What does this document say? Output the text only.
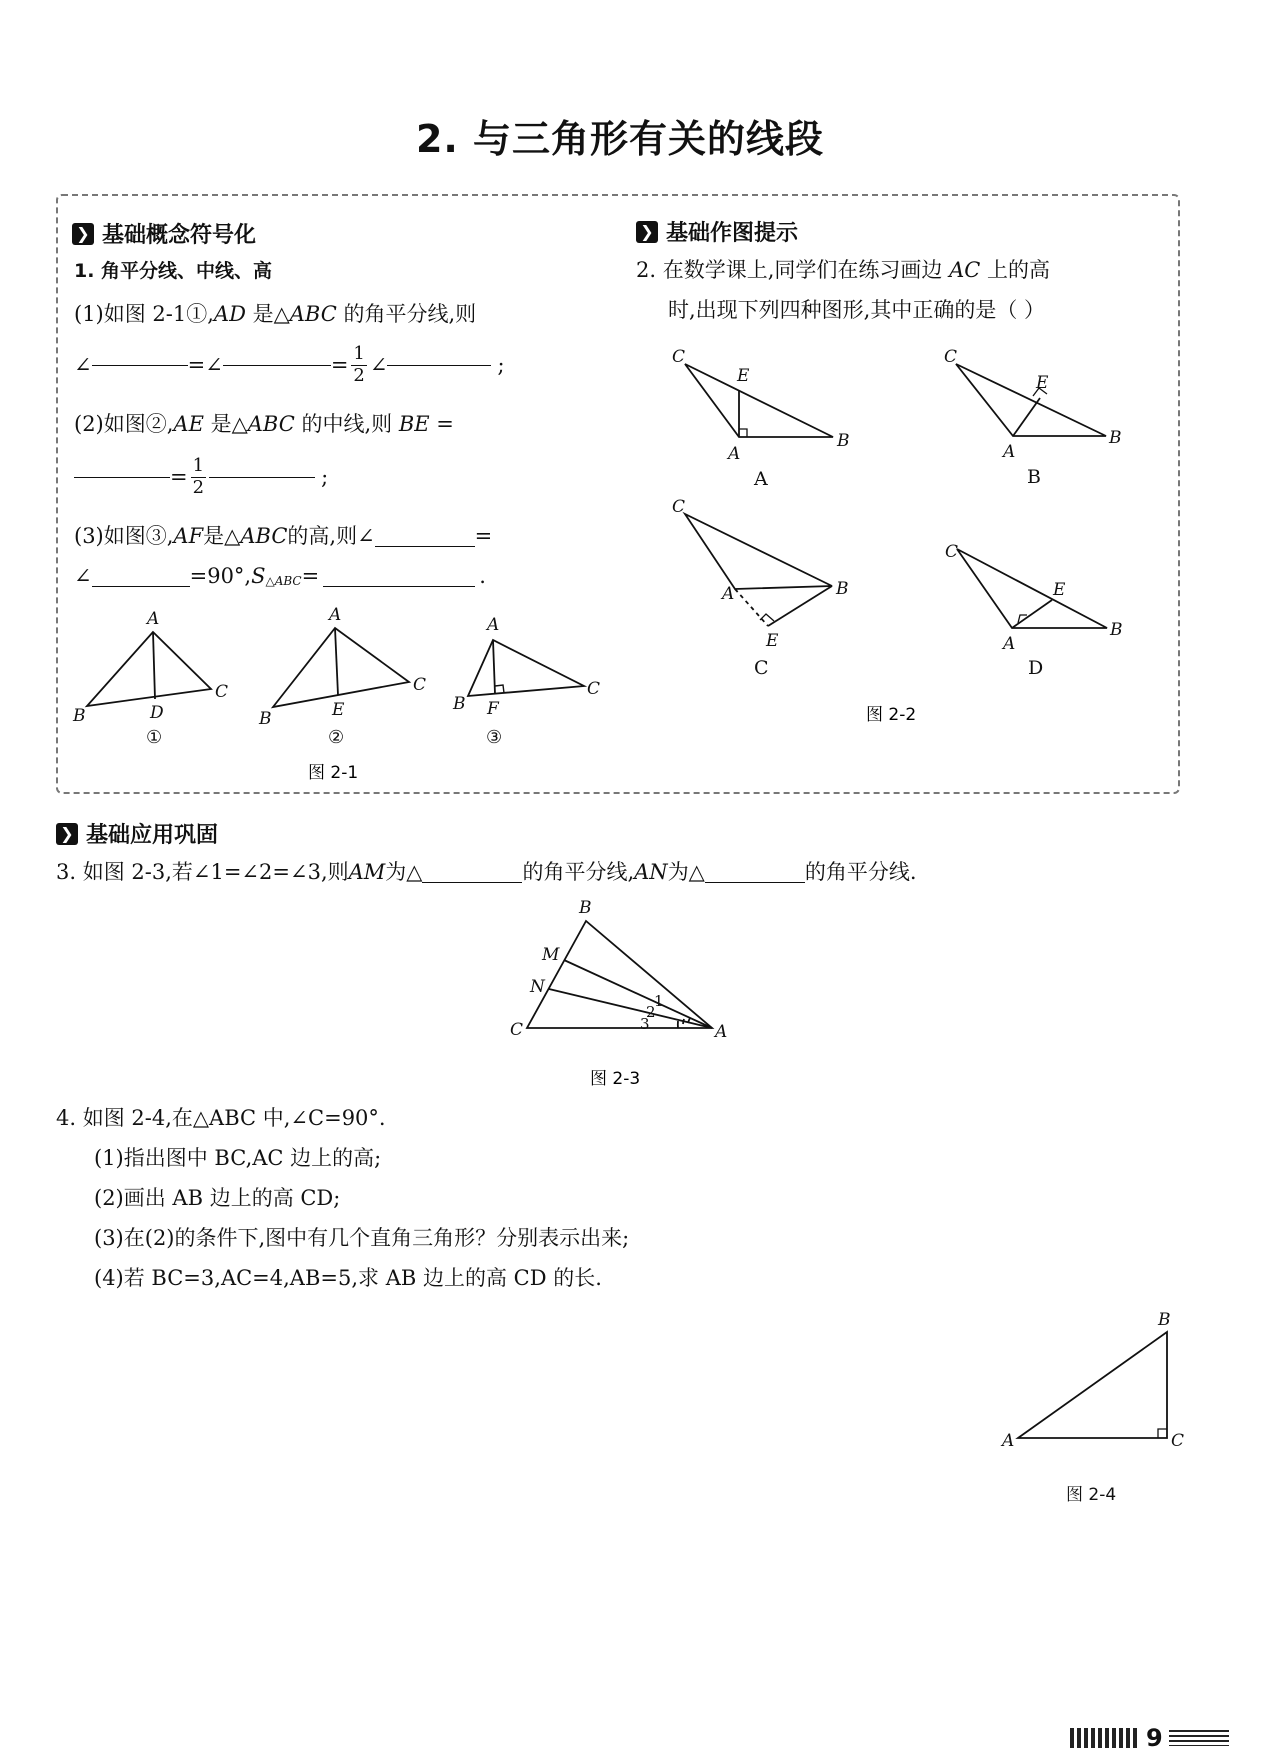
2. 与三角形有关的线段
❯ 基础概念符号化	❯ 基础作图提示
❯ 基础应用巩固
1. 角平分线、中线、高
(1)如图 2-1①,AD 是△ABC 的角平分线,则
∠	=∠	= $\frac{1}{2}$ ∠	;
(2)如图②,AE 是△ABC 的中线,则 BE =
= $\frac{1}{2}$	;
(3)如图③, AF 是△ ABC 的高,则∠	=
∠	=90°, S △ABC =	.
A
B
C
D
A
B
C
E
A
B
C
F
①	②	③
图 2-1
2. 在数学课上,同学们在练习画边 AC 上的高
时,出现下列四种图形,其中正确的是（ ）
C
E
A
B
C
E
A
B
C
A	B
E
C
E
A
B
A	B
C	D
图 2-2
3. 如图 2-3,若∠1=∠2=∠3,则 AM 为△	的角平分线, AN 为△	的角平分线.
B
M
N
C	A
1
2
3
图 2-3
4. 如图 2-4,在△ABC 中,∠C=90°.
(1)指出图中 BC,AC 边上的高;
(2)画出 AB 边上的高 CD;
(3)在(2)的条件下,图中有几个直角三角形？分别表示出来;
(4)若 BC=3,AC=4,AB=5,求 AB 边上的高 CD 的长.
B
A	C
图 2-4
9
